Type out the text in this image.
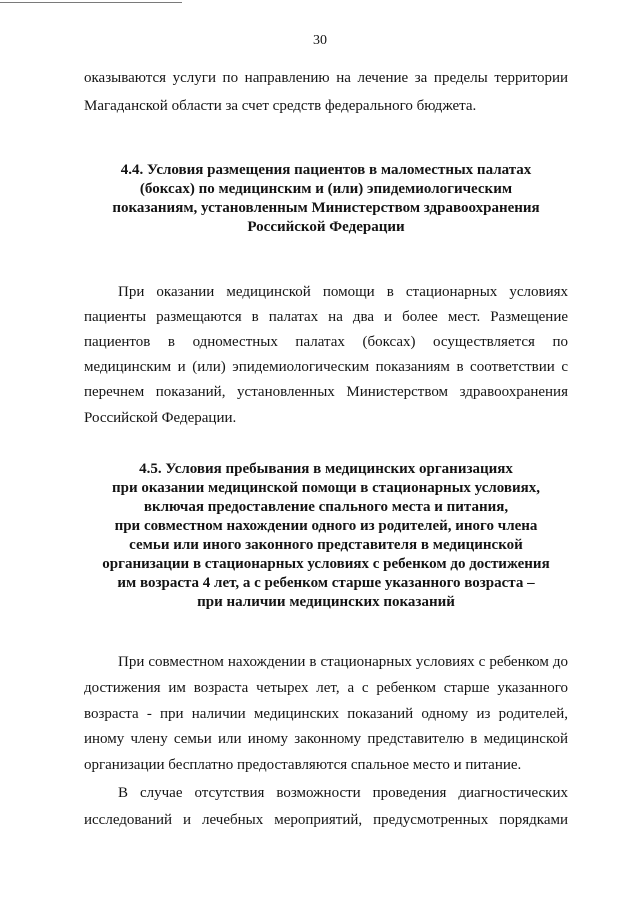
30
оказываются услуги по направлению на лечение за пределы территории
Магаданской области за счет средств федерального бюджета.
4.4. Условия размещения пациентов в маломестных палатах
(боксах) по медицинским и (или) эпидемиологическим
показаниям, установленным Министерством здравоохранения
Российской Федерации
При оказании медицинской помощи в стационарных условиях
пациенты размещаются в палатах на два и более мест. Размещение
пациентов в одноместных палатах (боксах) осуществляется по
медицинским и (или) эпидемиологическим показаниям в соответствии с
перечнем показаний, установленных Министерством здравоохранения
Российской Федерации.
4.5. Условия пребывания в медицинских организациях
при оказании медицинской помощи в стационарных условиях,
включая предоставление спального места и питания,
при совместном нахождении одного из родителей, иного члена
семьи или иного законного представителя в медицинской
организации в стационарных условиях с ребенком до достижения
им возраста 4 лет, а с ребенком старше указанного возраста –
при наличии медицинских показаний
При совместном нахождении в стационарных условиях с ребенком до
достижения им возраста четырех лет, а с ребенком старше указанного
возраста - при наличии медицинских показаний одному из родителей,
иному члену семьи или иному законному представителю в медицинской
организации бесплатно предоставляются спальное место и питание.
В случае отсутствия возможности проведения диагностических
исследований и лечебных мероприятий, предусмотренных порядками
